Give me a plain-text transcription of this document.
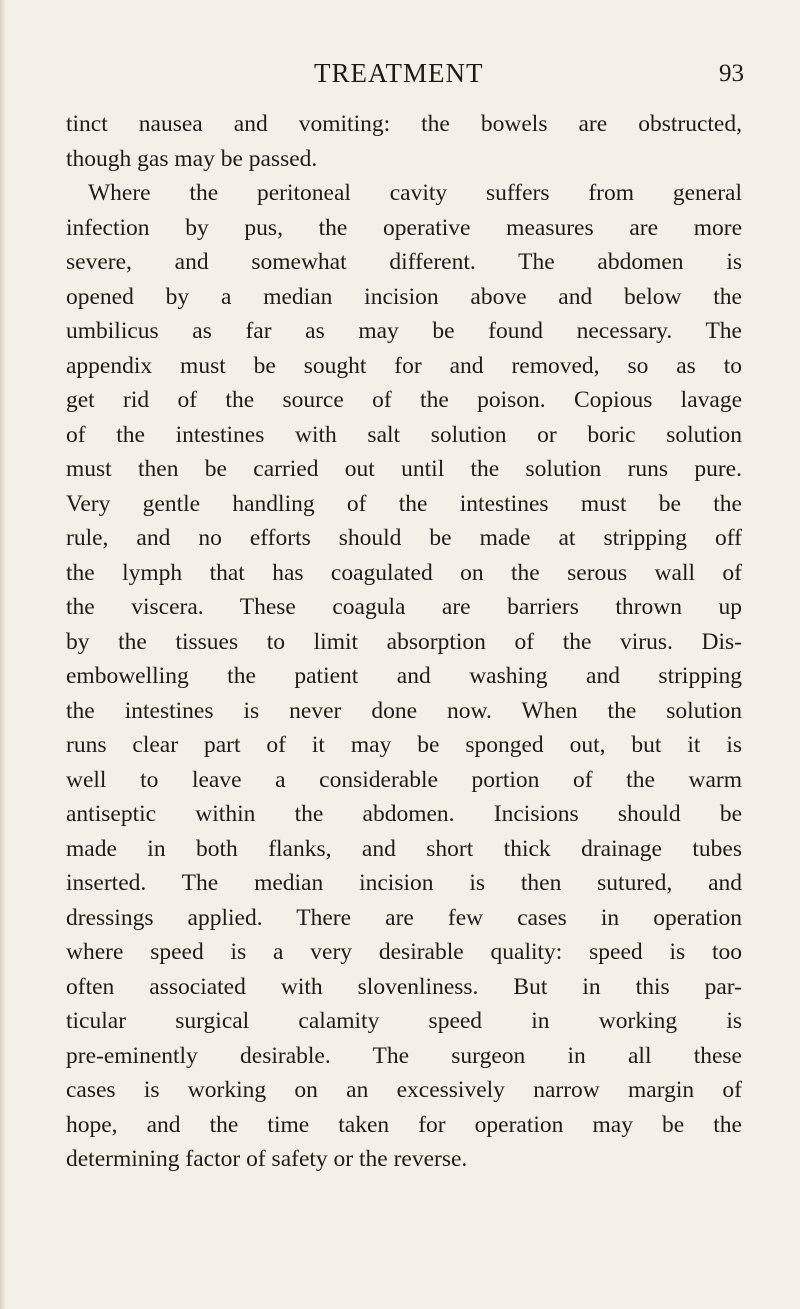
TREATMENT	93
tinct nausea and vomiting: the bowels are obstructed,
though gas may be passed.
Where the peritoneal cavity suffers from general
infection by pus, the operative measures are more
severe, and somewhat different. The abdomen is
opened by a median incision above and below the
umbilicus as far as may be found necessary. The
appendix must be sought for and removed, so as to
get rid of the source of the poison. Copious lavage
of the intestines with salt solution or boric solution
must then be carried out until the solution runs pure.
Very gentle handling of the intestines must be the
rule, and no efforts should be made at stripping off
the lymph that has coagulated on the serous wall of
the viscera. These coagula are barriers thrown up
by the tissues to limit absorption of the virus. Dis-
embowelling the patient and washing and stripping
the intestines is never done now. When the solution
runs clear part of it may be sponged out, but it is
well to leave a considerable portion of the warm
antiseptic within the abdomen. Incisions should be
made in both flanks, and short thick drainage tubes
inserted. The median incision is then sutured, and
dressings applied. There are few cases in operation
where speed is a very desirable quality: speed is too
often associated with slovenliness. But in this par-
ticular surgical calamity speed in working is
pre-eminently desirable. The surgeon in all these
cases is working on an excessively narrow margin of
hope, and the time taken for operation may be the
determining factor of safety or the reverse.
